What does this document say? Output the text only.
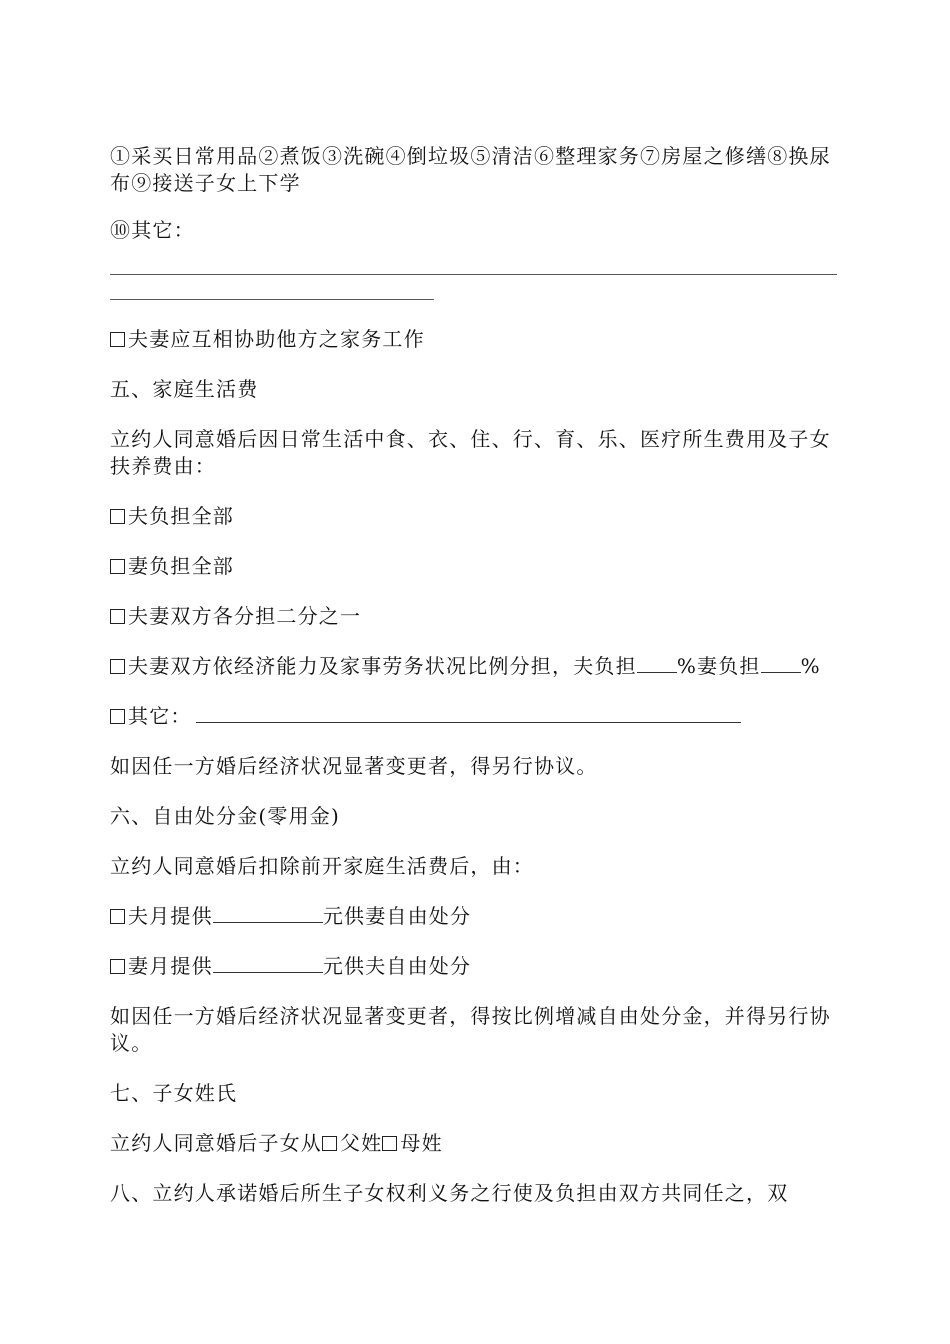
①采买日常用品②煮饭③洗碗④倒垃圾⑤清洁⑥整理家务⑦房屋之修缮⑧换尿布⑨接送子女上下学

⑩其它：

夫妻应互相协助他方之家务工作

五、家庭生活费

立约人同意婚后因日常生活中食、衣、住、行、育、乐、医疗所生费用及子女扶养费由：

夫负担全部

妻负担全部

夫妻双方各分担二分之一

夫妻双方依经济能力及家事劳务状况比例分担，夫负担 %妻负担 %

其它：

如因任一方婚后经济状况显著变更者，得另行协议。

六、自由处分金(零用金)

立约人同意婚后扣除前开家庭生活费后，由：

夫月提供	元供妻自由处分

妻月提供	元供夫自由处分

如因任一方婚后经济状况显著变更者，得按比例增减自由处分金，并得另行协议。

七、子女姓氏

立约人同意婚后子女从 父姓 母姓

八、立约人承诺婚后所生子女权利义务之行使及负担由双方共同任之，双
